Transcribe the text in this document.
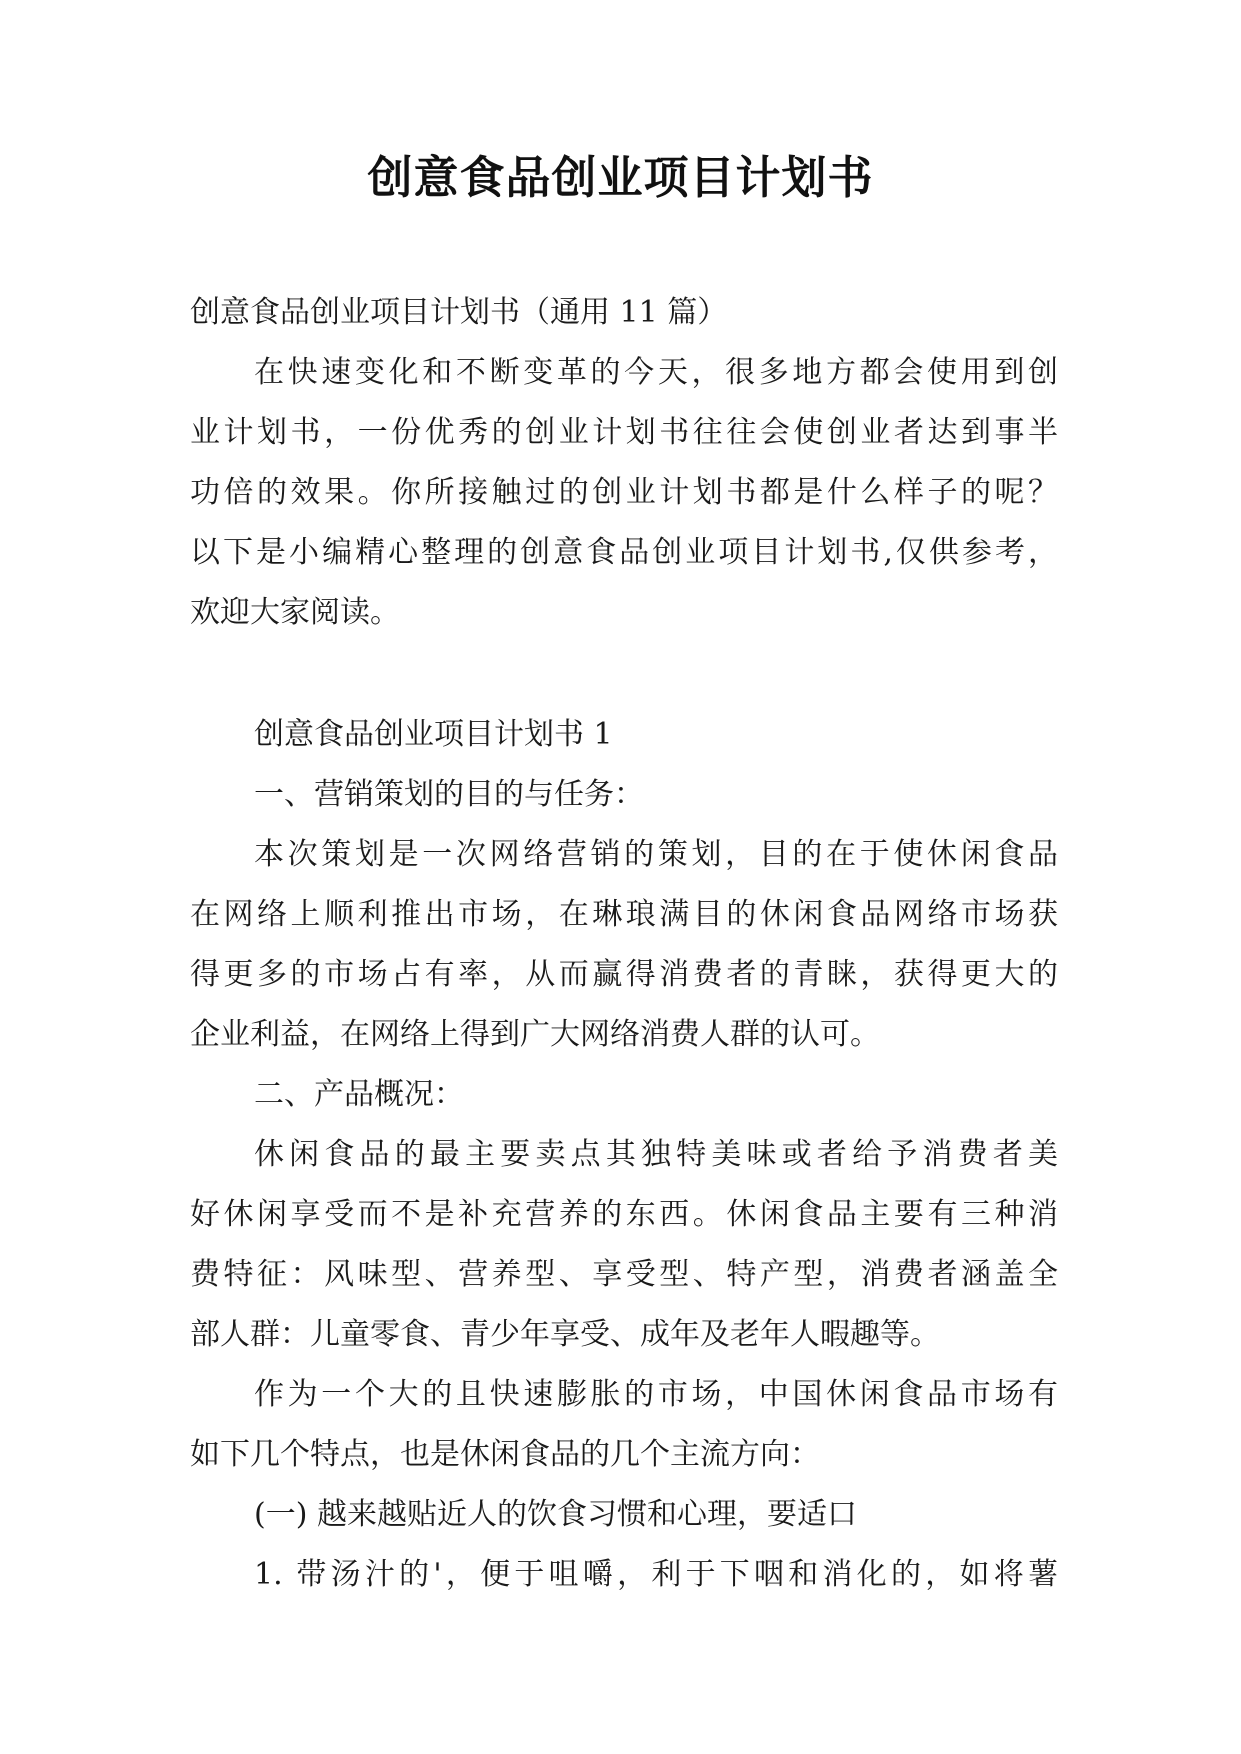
创意食品创业项目计划书
创意食品创业项目计划书（通用 11 篇）
在快速变化和不断变革的今天，很多地方都会使用到创
业计划书，一份优秀的创业计划书往往会使创业者达到事半
功倍的效果。你所接触过的创业计划书都是什么样子的呢？
以下是小编精心整理的创意食品创业项目计划书,仅供参考，
欢迎大家阅读。
创意食品创业项目计划书 1
一、营销策划的目的与任务：
本次策划是一次网络营销的策划，目的在于使休闲食品
在网络上顺利推出市场，在琳琅满目的休闲食品网络市场获
得更多的市场占有率，从而赢得消费者的青睐，获得更大的
企业利益，在网络上得到广大网络消费人群的认可。
二、产品概况：
休闲食品的最主要卖点其独特美味或者给予消费者美
好休闲享受而不是补充营养的东西。休闲食品主要有三种消
费特征：风味型、营养型、享受型、特产型，消费者涵盖全
部人群：儿童零食、青少年享受、成年及老年人暇趣等。
作为一个大的且快速膨胀的市场，中国休闲食品市场有
如下几个特点，也是休闲食品的几个主流方向：
(一) 越来越贴近人的饮食习惯和心理，要适口
1. 带汤汁的'，便于咀嚼，利于下咽和消化的，如将薯
